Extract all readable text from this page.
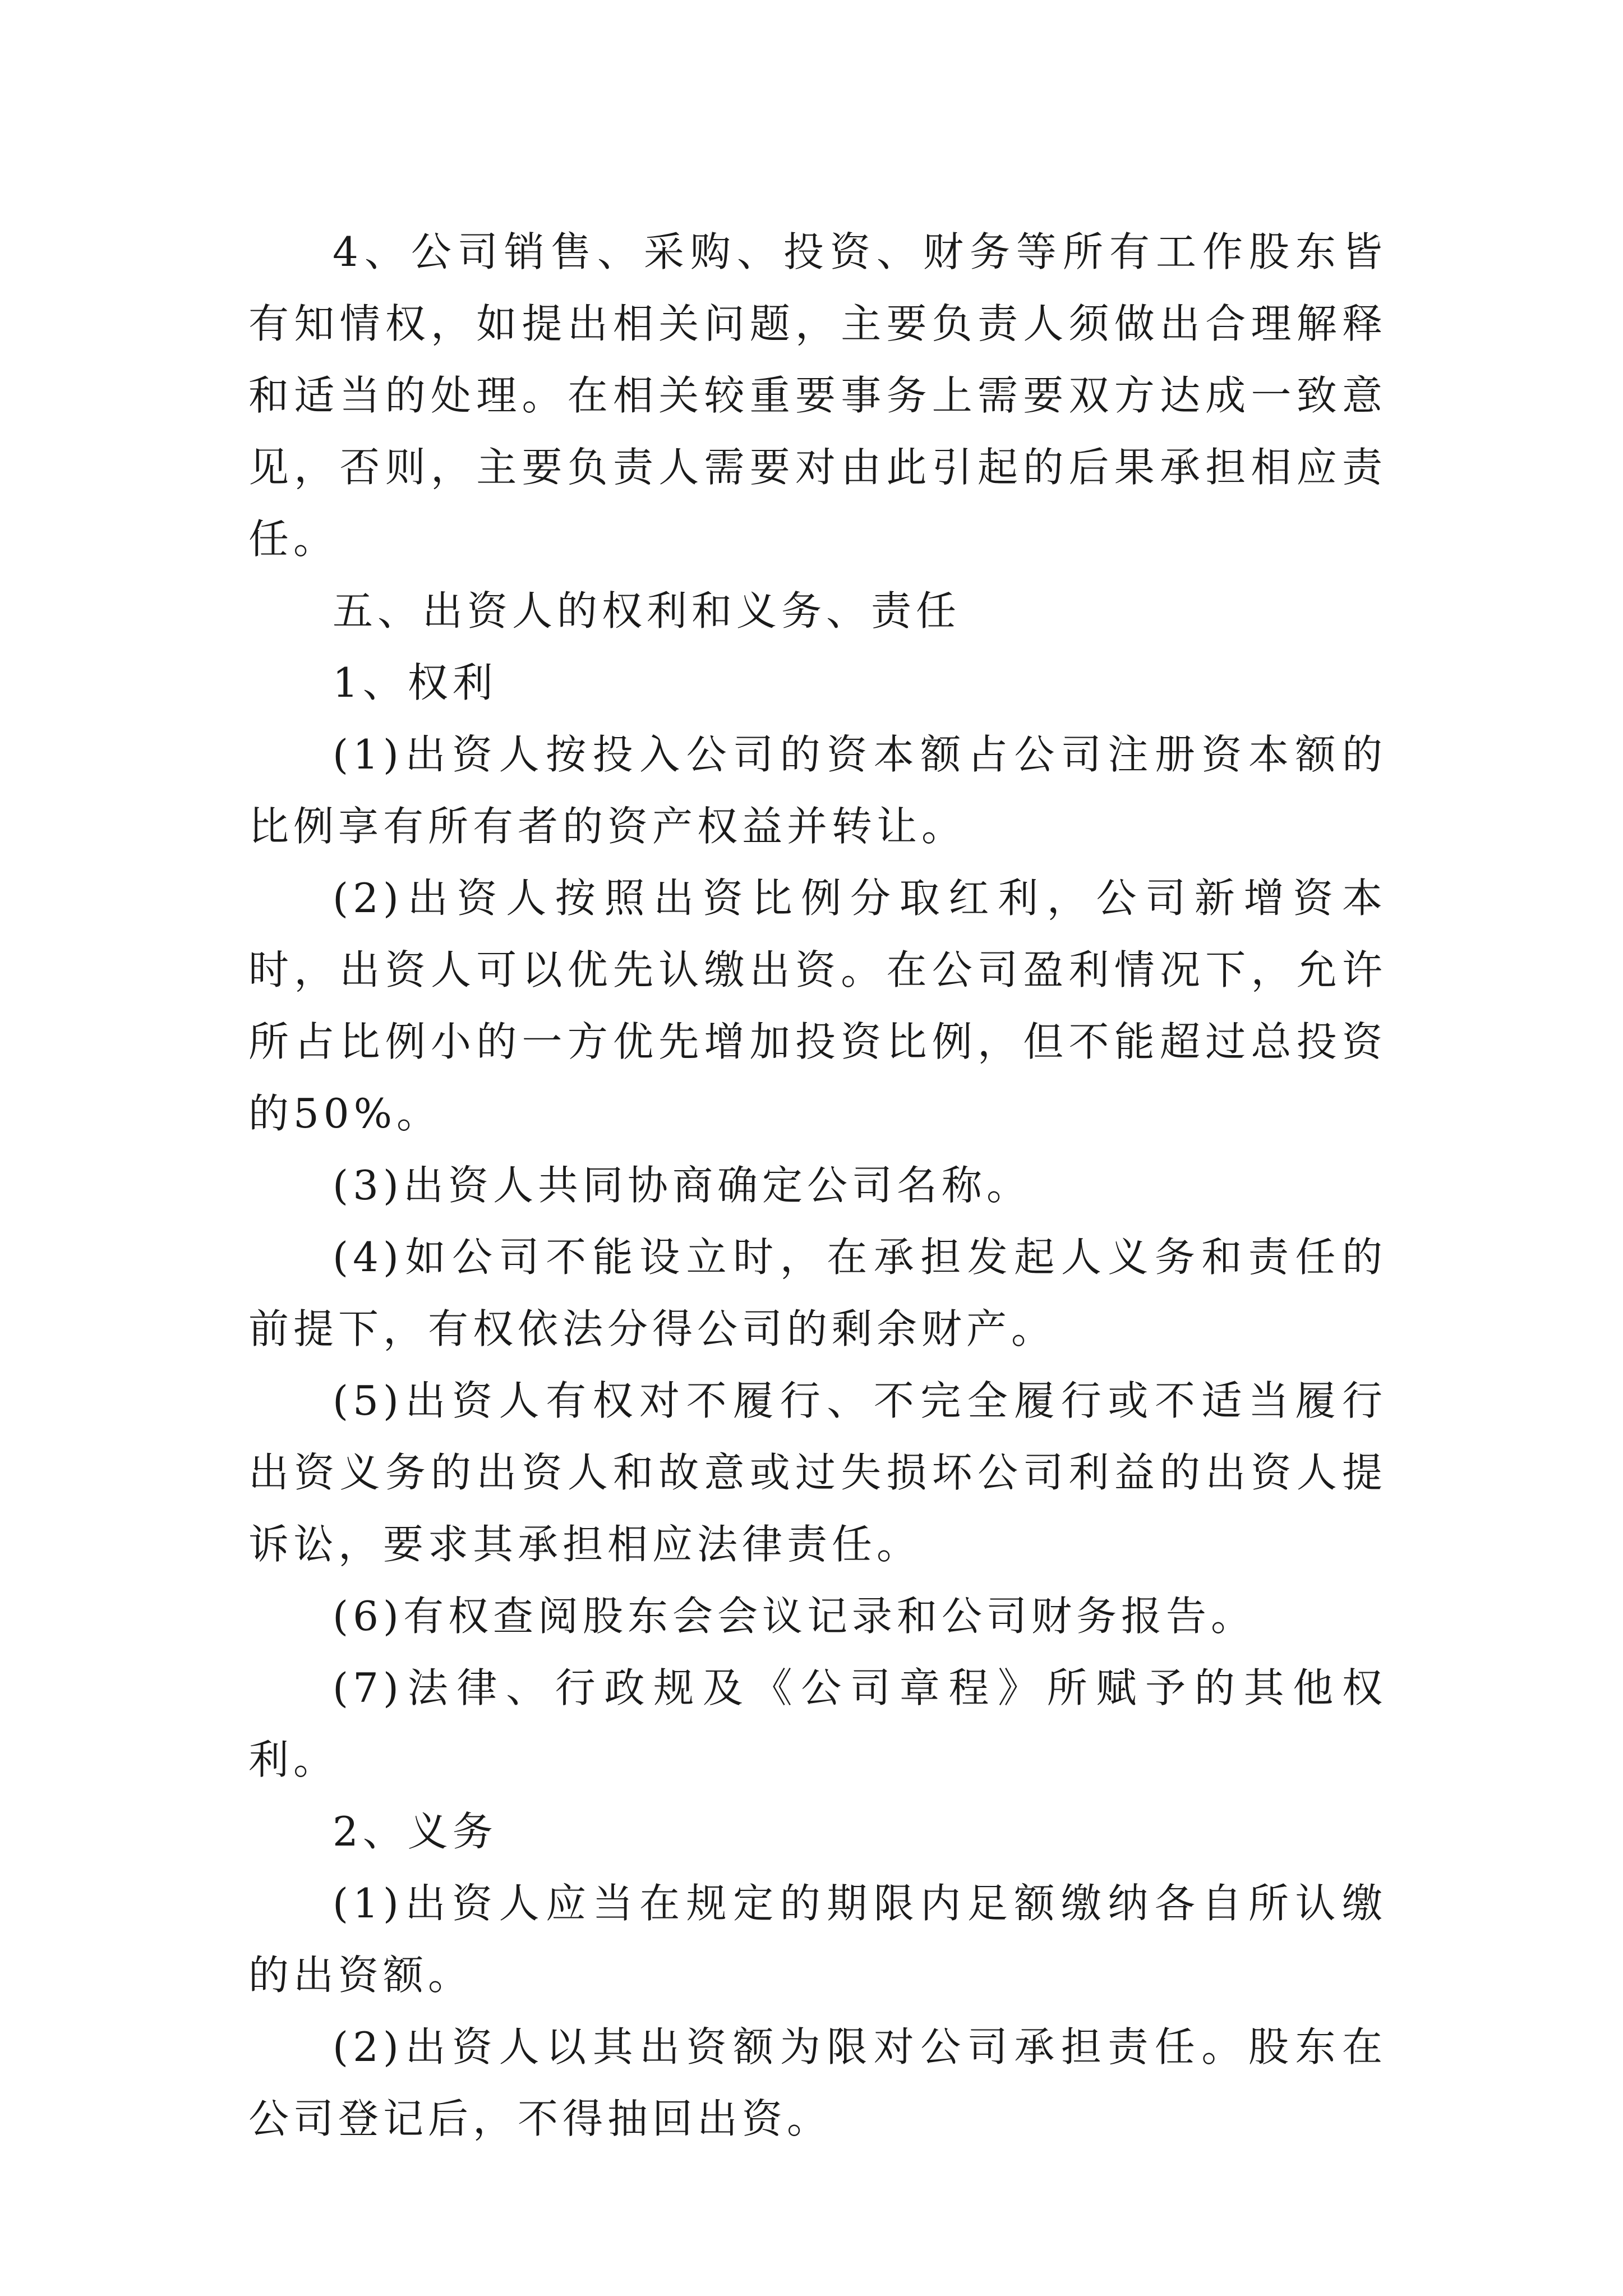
4、公司销售、采购、投资、财务等所有工作股东皆有知情权，如提出相关问题，主要负责人须做出合理解释和适当的处理。在相关较重要事务上需要双方达成一致意见，否则，主要负责人需要对由此引起的后果承担相应责任。

五、出资人的权利和义务、责任

1、权利

(1)出资人按投入公司的资本额占公司注册资本额的比例享有所有者的资产权益并转让。

(2)出资人按照出资比例分取红利，公司新增资本时，出资人可以优先认缴出资。在公司盈利情况下，允许所占比例小的一方优先增加投资比例，但不能超过总投资的50%。

(3)出资人共同协商确定公司名称。

(4)如公司不能设立时，在承担发起人义务和责任的前提下，有权依法分得公司的剩余财产。

(5)出资人有权对不履行、不完全履行或不适当履行出资义务的出资人和故意或过失损坏公司利益的出资人提诉讼，要求其承担相应法律责任。

(6)有权查阅股东会会议记录和公司财务报告。

(7)法律、行政规及《公司章程》所赋予的其他权利。

2、义务

(1)出资人应当在规定的期限内足额缴纳各自所认缴的出资额。

(2)出资人以其出资额为限对公司承担责任。股东在公司登记后，不得抽回出资。
